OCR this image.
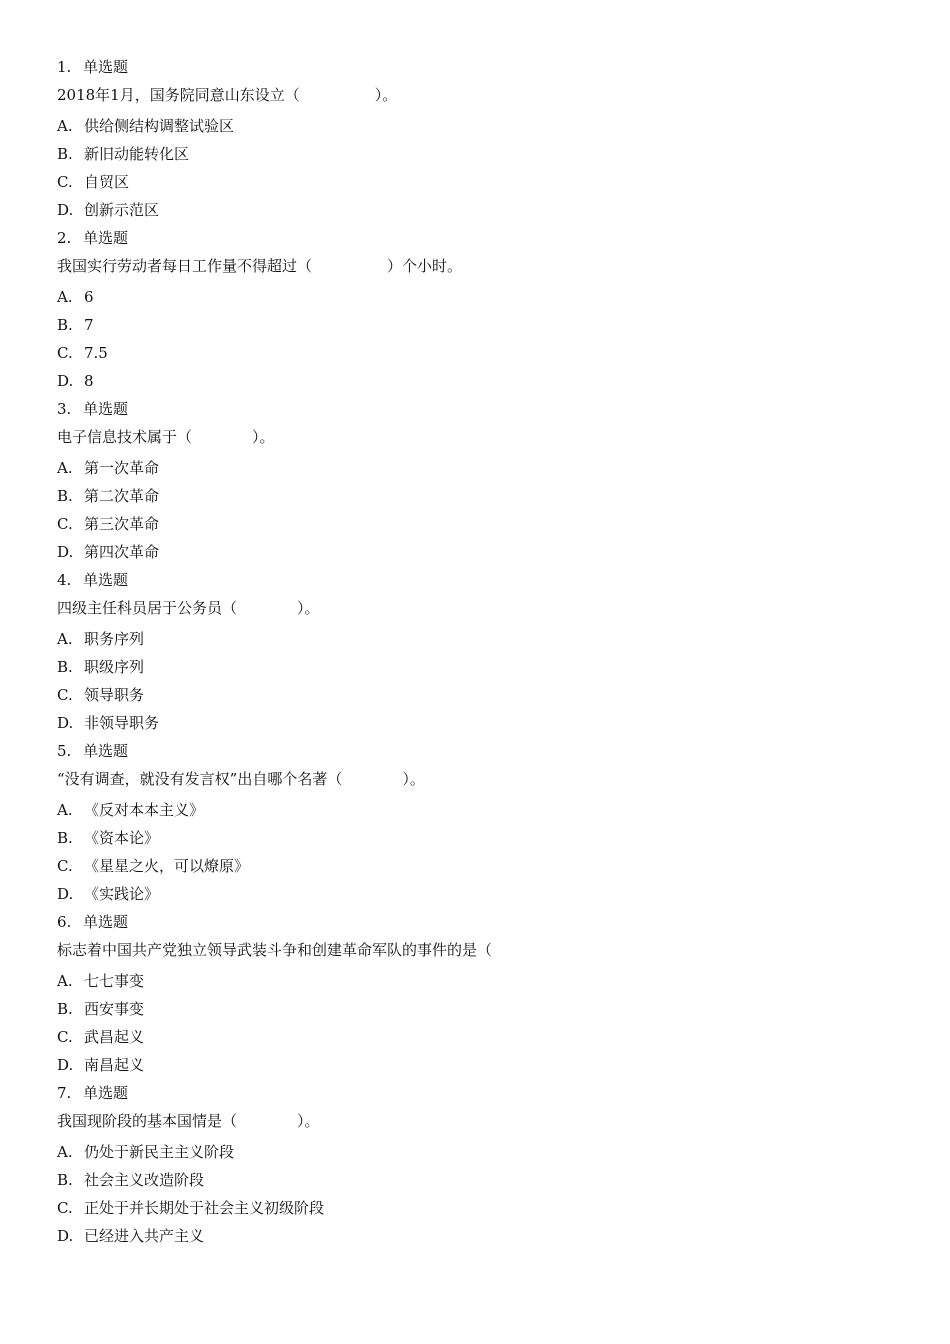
1. 单选题
2018年1月，国务院同意山东设立（　　　　　）。
A. 供给侧结构调整试验区
B. 新旧动能转化区
C. 自贸区
D. 创新示范区
2. 单选题
我国实行劳动者每日工作量不得超过（　　　　　）个小时。
A. 6
B. 7
C. 7.5
D. 8
3. 单选题
电子信息技术属于（　　　　）。
A. 第一次革命
B. 第二次革命
C. 第三次革命
D. 第四次革命
4. 单选题
四级主任科员居于公务员（　　　　）。
A. 职务序列
B. 职级序列
C. 领导职务
D. 非领导职务
5. 单选题
“没有调查，就没有发言权”出自哪个名著（　　　　）。
A. 《反对本本主义》
B. 《资本论》
C. 《星星之火，可以燎原》
D. 《实践论》
6. 单选题
标志着中国共产党独立领导武装斗争和创建革命军队的事件的是（
A. 七七事变
B. 西安事变
C. 武昌起义
D. 南昌起义
7. 单选题
我国现阶段的基本国情是（　　　　）。
A. 仍处于新民主主义阶段
B. 社会主义改造阶段
C. 正处于并长期处于社会主义初级阶段
D. 已经进入共产主义
